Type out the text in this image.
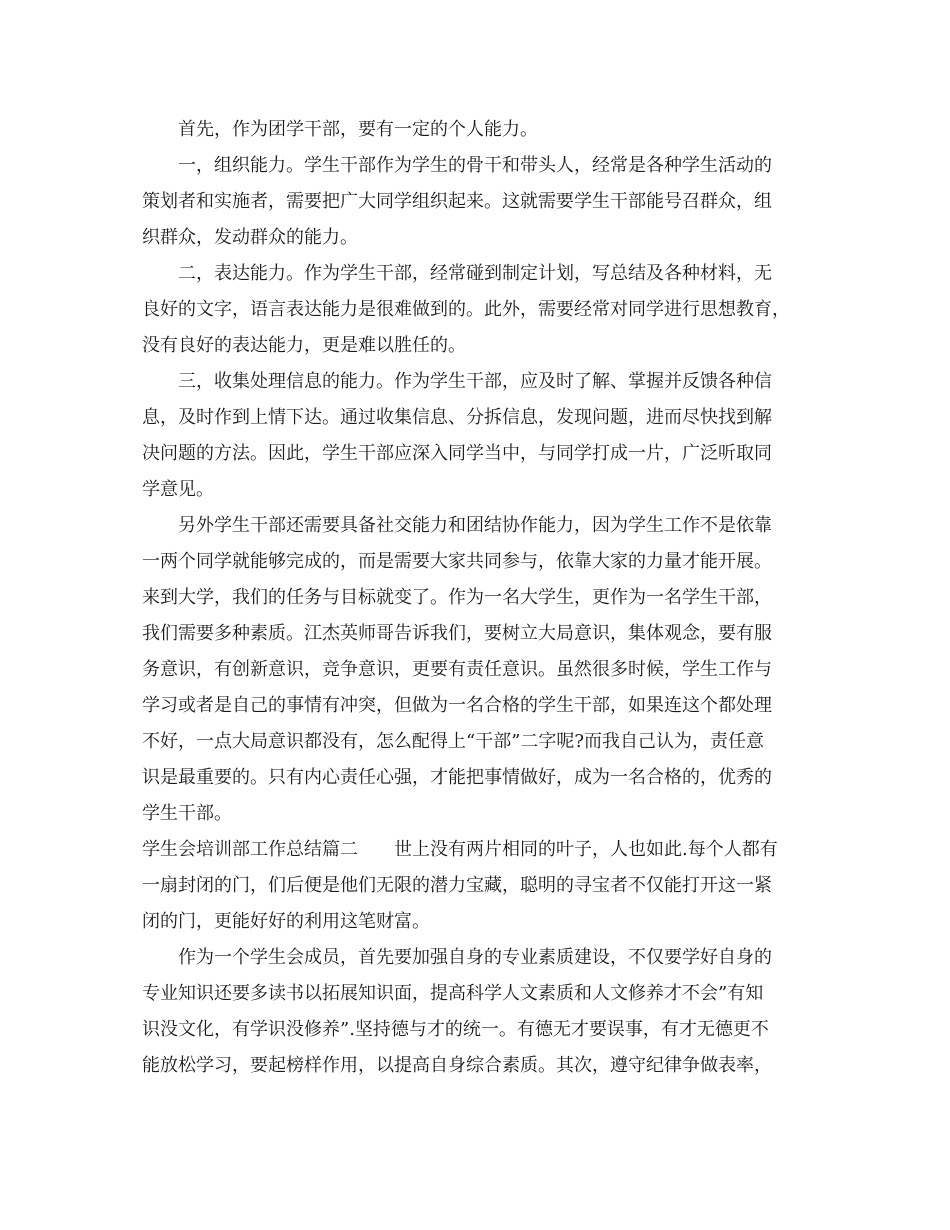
首先，作为团学干部，要有一定的个人能力。
一，组织能力。学生干部作为学生的骨干和带头人，经常是各种学生活动的
策划者和实施者，需要把广大同学组织起来。这就需要学生干部能号召群众，组
织群众，发动群众的能力。
二，表达能力。作为学生干部，经常碰到制定计划，写总结及各种材料，无
良好的文字，语言表达能力是很难做到的。此外，需要经常对同学进行思想教育，
没有良好的表达能力，更是难以胜任的。
三，收集处理信息的能力。作为学生干部，应及时了解、掌握并反馈各种信
息，及时作到上情下达。通过收集信息、分拆信息，发现问题，进而尽快找到解
决问题的方法。因此，学生干部应深入同学当中，与同学打成一片，广泛听取同
学意见。
另外学生干部还需要具备社交能力和团结协作能力，因为学生工作不是依靠
一两个同学就能够完成的，而是需要大家共同参与，依靠大家的力量才能开展。
来到大学，我们的任务与目标就变了。作为一名大学生，更作为一名学生干部，
我们需要多种素质。江杰英师哥告诉我们，要树立大局意识，集体观念，要有服
务意识，有创新意识，竞争意识，更要有责任意识。虽然很多时候，学生工作与
学习或者是自己的事情有冲突，但做为一名合格的学生干部，如果连这个都处理
不好，一点大局意识都没有，怎么配得上“干部”二字呢?而我自己认为，责任意
识是最重要的。只有内心责任心强，才能把事情做好，成为一名合格的，优秀的
学生干部。
学生会培训部工作总结篇二　　世上没有两片相同的叶子，人也如此.每个人都有
一扇封闭的门，们后便是他们无限的潜力宝藏，聪明的寻宝者不仅能打开这一紧
闭的门，更能好好的利用这笔财富。
作为一个学生会成员，首先要加强自身的专业素质建设，不仅要学好自身的
专业知识还要多读书以拓展知识面，提高科学人文素质和人文修养才不会”有知
识没文化，有学识没修养”.坚持德与才的统一。有德无才要误事，有才无德更不
能放松学习，要起榜样作用，以提高自身综合素质。其次，遵守纪律争做表率，
